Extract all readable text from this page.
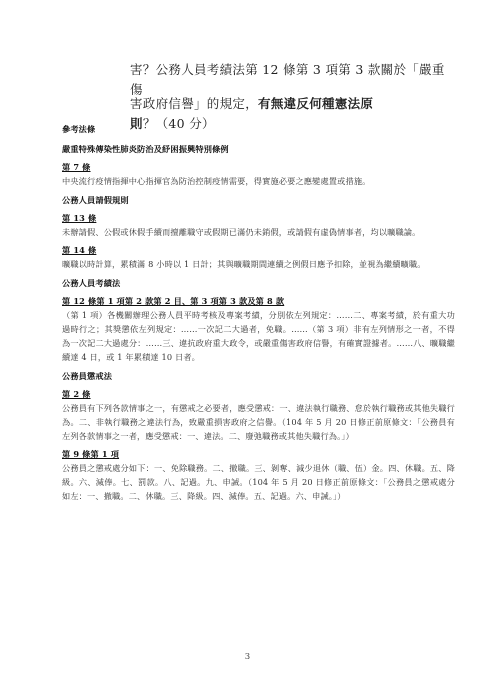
害？公務人員考績法第 12 條第 3 項第 3 款關於「嚴重傷
害政府信譽」的規定，有無違反何種憲法原則？（40 分）
參考法條
嚴重特殊傳染性肺炎防治及紓困振興特別條例
第 7 條
中央流行疫情指揮中心指揮官為防治控制疫情需要，得實施必要之應變處置或措施。
公務人員請假規則
第 13 條
未辦請假、公假或休假手續而擅離職守或假期已滿仍未銷假，或請假有虛偽情事者，均以曠職論。
第 14 條
曠職以時計算，累積滿 8 小時以 1 日計；其與曠職期間連續之例假日應予扣除，並視為繼續曠職。
公務人員考績法
第 12 條第 1 項第 2 款第 2 目、第 3 項第 3 款及第 8 款
（第 1 項）各機關辦理公務人員平時考核及專案考績，分別依左列規定：……二、專案考績，於有重大功過時行之；其獎懲依左列規定：……一次記二大過者，免職。……（第 3 項）非有左列情形之一者，不得為一次記二大過處分：……三、違抗政府重大政令，或嚴重傷害政府信譽，有確實證據者。……八、曠職繼續達 4 日，或 1 年累積達 10 日者。
公務員懲戒法
第 2 條
公務員有下列各款情事之一，有懲戒之必要者，應受懲戒：一、違法執行職務、怠於執行職務或其他失職行為。二、非執行職務之違法行為，致嚴重損害政府之信譽。（104 年 5 月 20 日修正前原條文：「公務員有左列各款情事之一者，應受懲戒：一、違法。二、廢弛職務或其他失職行為。」）
第 9 條第 1 項
公務員之懲戒處分如下：一、免除職務。二、撤職。三、剝奪、減少退休（職、伍）金。四、休職。五、降級。六、減俸。七、罰款。八、記過。九、申誡。（104 年 5 月 20 日修正前原條文：「公務員之懲戒處分如左：一、撤職。二、休職。三、降級。四、減俸。五、記過。六、申誡。」）
3
